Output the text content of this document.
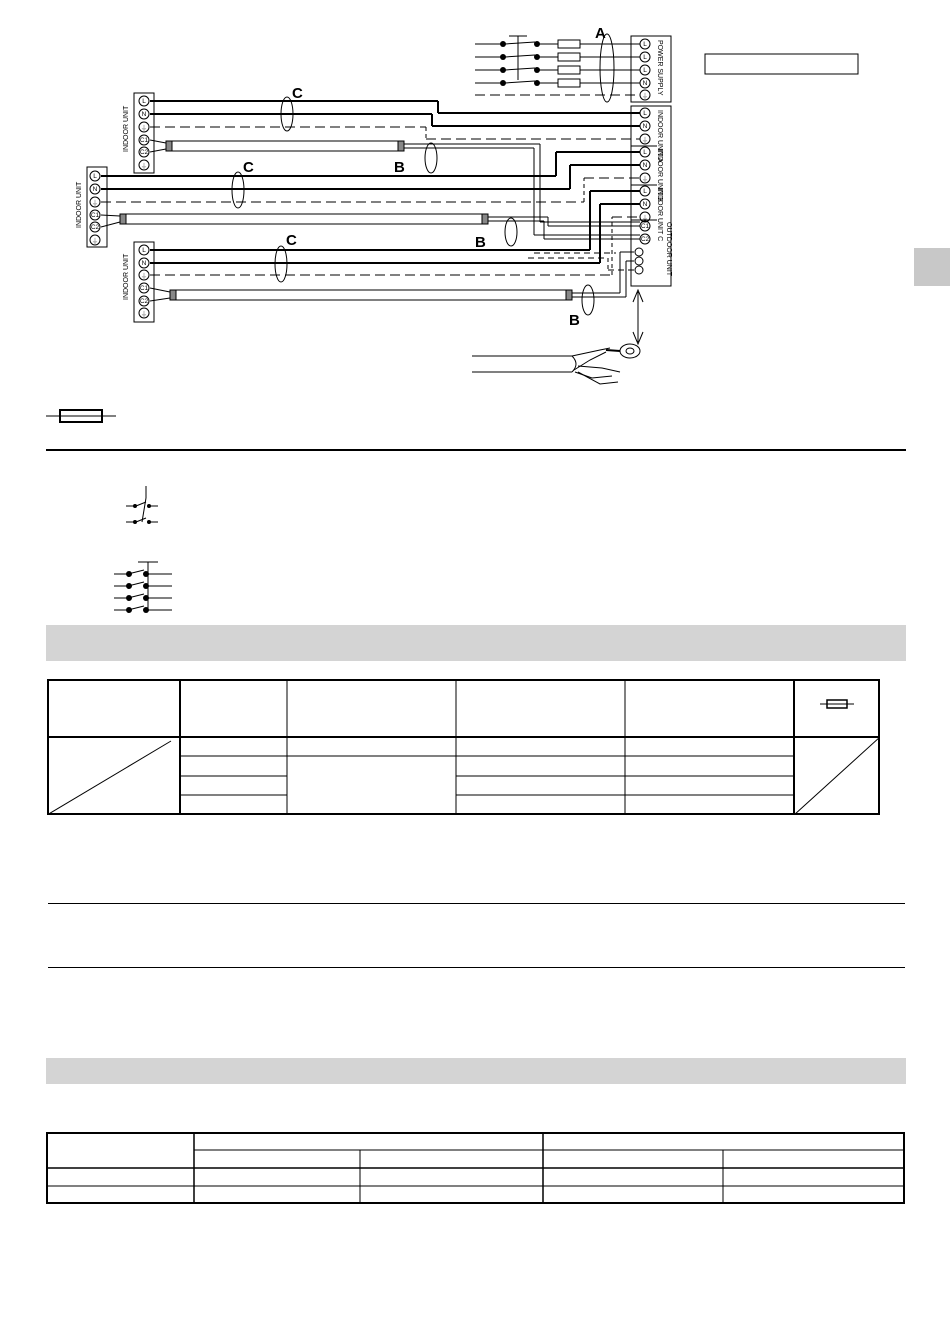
A
C
B
C
B
C
B
INDOOR UNIT
INDOOR UNIT
INDOOR UNIT
POWER SUPPLY
INDOOR UNIT A
INDOOR UNIT B
INDOOR UNIT C
OUTDOOR UNIT
L
N
⏚
C1
C2
⏚
L
N
⏚
C1
C2
⏚
L
N
⏚
C1
C2
⏚
L
L
L
N
⏚
L
N
⏚
L
N
⏚
L
N
⏚
C1
C2
